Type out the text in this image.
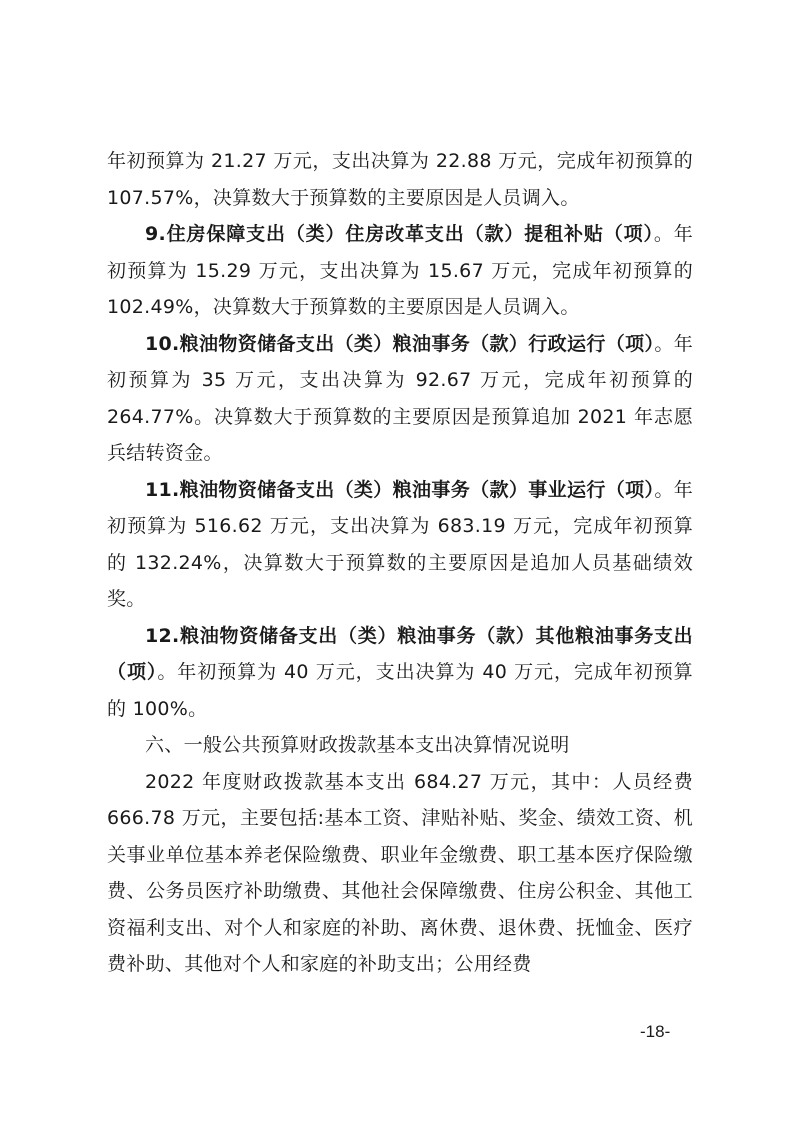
年初预算为 21.27 万元，支出决算为 22.88 万元，完成年初预算的 107.57%，决算数大于预算数的主要原因是人员调入。

9.住房保障支出（类）住房改革支出（款）提租补贴（项）。年初预算为 15.29 万元，支出决算为 15.67 万元，完成年初预算的 102.49%，决算数大于预算数的主要原因是人员调入。

10.粮油物资储备支出（类）粮油事务（款）行政运行（项）。年初预算为 35 万元，支出决算为 92.67 万元，完成年初预算的 264.77%。决算数大于预算数的主要原因是预算追加 2021 年志愿兵结转资金。

11.粮油物资储备支出（类）粮油事务（款）事业运行（项）。年初预算为 516.62 万元，支出决算为 683.19 万元，完成年初预算的 132.24%，决算数大于预算数的主要原因是追加人员基础绩效奖。

12.粮油物资储备支出（类）粮油事务（款）其他粮油事务支出（项）。年初预算为 40 万元，支出决算为 40 万元，完成年初预算的 100%。

六、一般公共预算财政拨款基本支出决算情况说明

2022 年度财政拨款基本支出 684.27 万元，其中：人员经费 666.78 万元，主要包括:基本工资、津贴补贴、奖金、绩效工资、机关事业单位基本养老保险缴费、职业年金缴费、职工基本医疗保险缴费、公务员医疗补助缴费、其他社会保障缴费、住房公积金、其他工资福利支出、对个人和家庭的补助、离休费、退休费、抚恤金、医疗费补助、其他对个人和家庭的补助支出；公用经费

-18-
